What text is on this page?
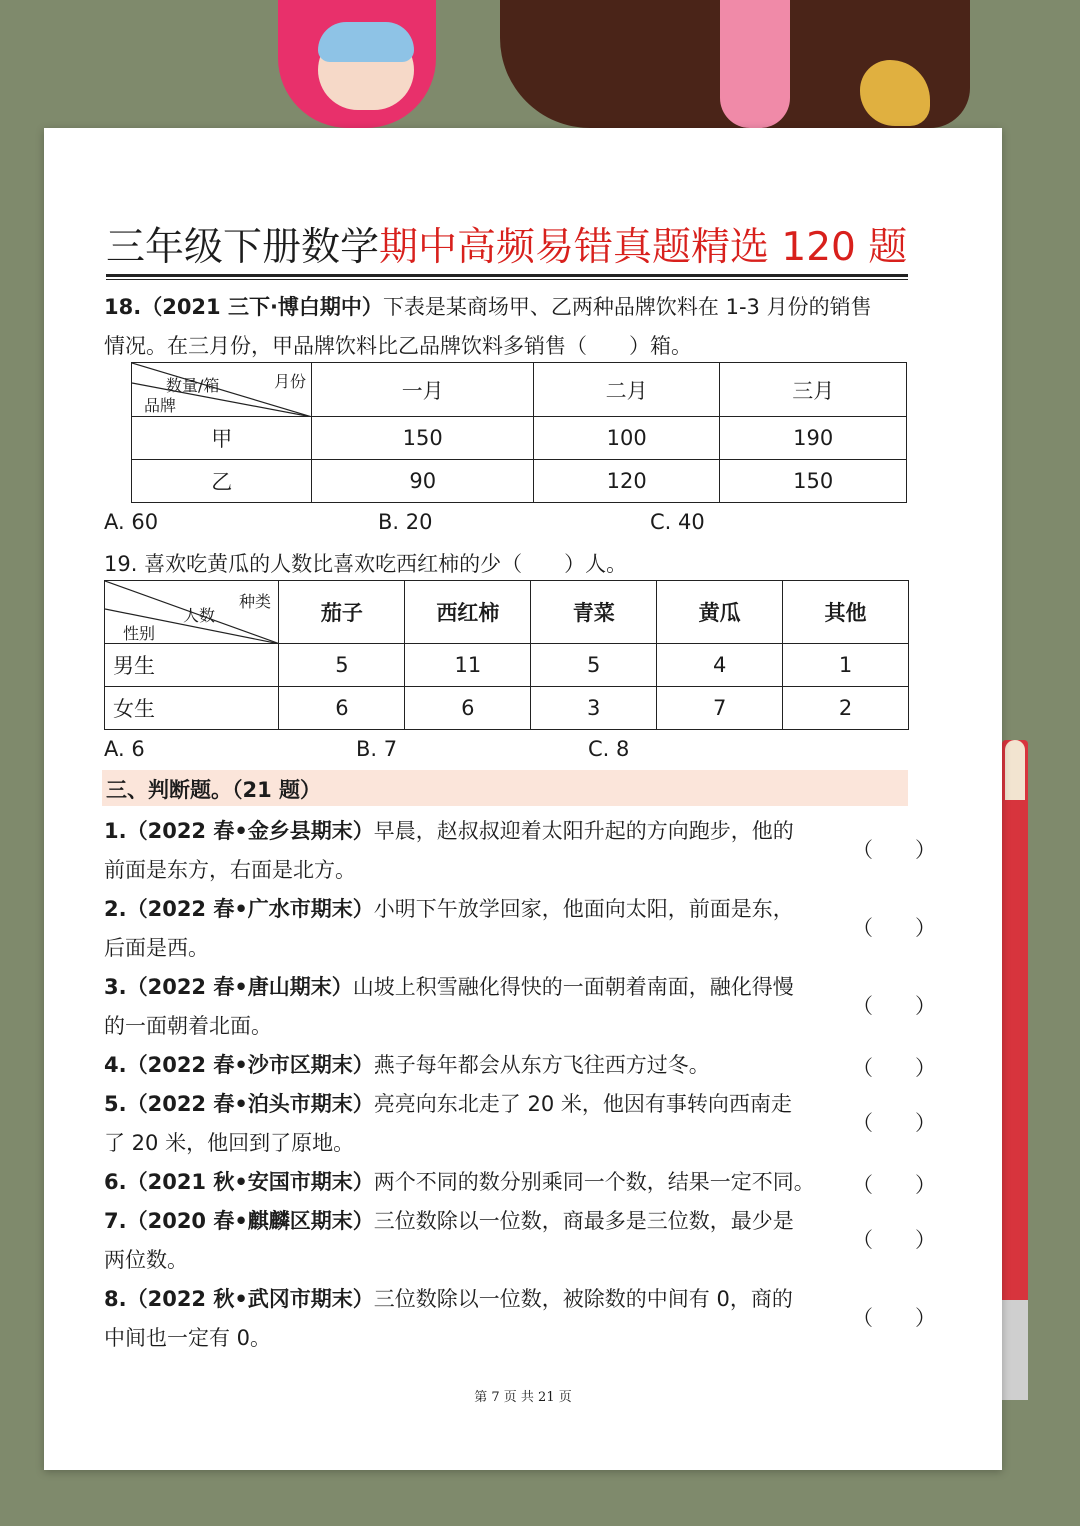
三年级下册数学期中高频易错真题精选 120 题
18.（2021 三下·博白期中）下表是某商场甲、乙两种品牌饮料在 1-3 月份的销售
情况。在三月份，甲品牌饮料比乙品牌饮料多销售（　　）箱。
月份
数量/箱
品牌	一月	二月	三月
甲	150	100	190
乙	90	120	150
A. 60	B. 20	C. 40
19. 喜欢吃黄瓜的人数比喜欢吃西红柿的少（　　）人。
种类
人数
性别	茄子	西红柿	青菜	黄瓜	其他
男生	5	11	5	4	1
女生	6	6	3	7	2
A. 6	B. 7	C. 8
三、判断题。（21 题）
1.（2022 春•金乡县期末）早晨，赵叔叔迎着太阳升起的方向跑步，他的
前面是东方，右面是北方。
（　　）
2.（2022 春•广水市期末）小明下午放学回家，他面向太阳，前面是东，
后面是西。
（　　）
3.（2022 春•唐山期末）山坡上积雪融化得快的一面朝着南面，融化得慢
的一面朝着北面。
（　　）
4.（2022 春•沙市区期末）燕子每年都会从东方飞往西方过冬。	（　　）
5.（2022 春•泊头市期末）亮亮向东北走了 20 米，他因有事转向西南走
了 20 米，他回到了原地。
（　　）
6.（2021 秋•安国市期末）两个不同的数分别乘同一个数，结果一定不同。	（　　）
7.（2020 春•麒麟区期末）三位数除以一位数，商最多是三位数，最少是
两位数。
（　　）
8.（2022 秋•武冈市期末）三位数除以一位数，被除数的中间有 0，商的
中间也一定有 0。
（　　）
第 7 页 共 21 页
